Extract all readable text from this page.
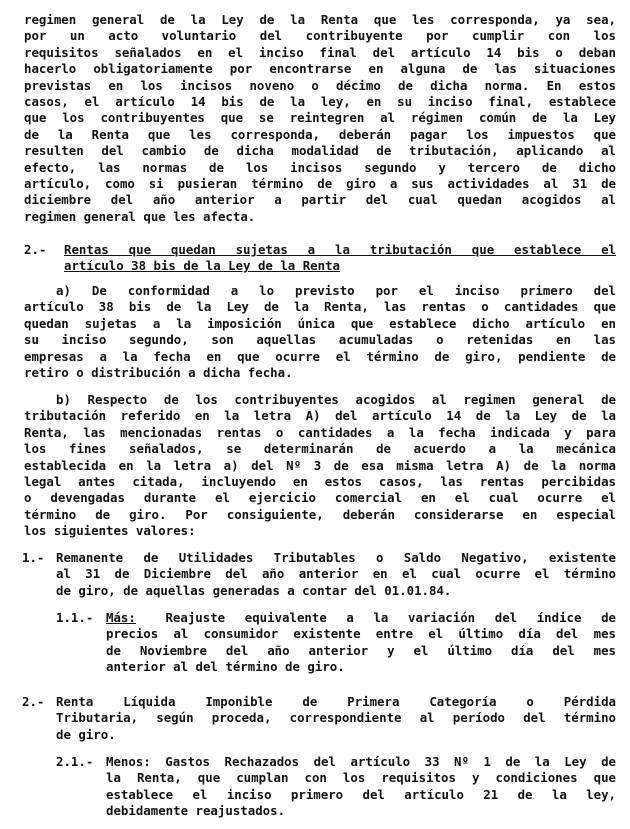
regimen general de la Ley de la Renta que les corresponda, ya sea,
por un acto voluntario del contribuyente por cumplir con los
requisitos señalados en el inciso final del artículo 14 bis o deban
hacerlo obligatoriamente por encontrarse en alguna de las situaciones
previstas en los incisos noveno o décimo de dicha norma. En estos
casos, el artículo 14 bis de la ley, en su inciso final, establece
que los contribuyentes que se reintegren al régimen común de la Ley
de la Renta que les corresponda, deberán pagar los impuestos que
resulten del cambio de dicha modalidad de tributación, aplicando al
efecto, las normas de los incisos segundo y tercero de dicho
artículo, como si pusieran término de giro a sus actividades al 31 de
diciembre del año anterior a partir del cual quedan acogidos al
regimen general que les afecta.
2.-	Rentas que quedan sujetas a la tributación que establece el
artículo 38 bis de la Ley de la Renta
a) De conformidad a lo previsto por el inciso primero del
artículo 38 bis de la Ley de la Renta, las rentas o cantidades que
quedan sujetas a la imposición única que establece dicho artículo en
su inciso segundo, son aquellas acumuladas o retenidas en las
empresas a la fecha en que ocurre el término de giro, pendiente de
retiro o distribución a dicha fecha.
b) Respecto de los contribuyentes acogidos al regimen general de
tributación referido en la letra A) del artículo 14 de la Ley de la
Renta, las mencionadas rentas o cantidades a la fecha indicada y para
los fines señalados, se determinarán de acuerdo a la mecánica
establecida en la letra a) del Nº 3 de esa misma letra A) de la norma
legal antes citada, incluyendo en estos casos, las rentas percibidas
o devengadas durante el ejercicio comercial en el cual ocurre el
término de giro. Por consiguiente, deberán considerarse en especial
los siguientes valores:
1.- Remanente de Utilidades Tributables o Saldo Negativo, existente
al 31 de Diciembre del año anterior en el cual ocurre el término
de giro, de aquellas generadas a contar del 01.01.84.
1.1.-	Más: Reajuste equivalente a la variación del índice de
precios al consumidor existente entre el último día del mes
de Noviembre del año anterior y el último día del mes
anterior al del término de giro.
2.- Renta Líquida Imponible de Primera Categoría o Pérdida
Tributaria, según proceda, correspondiente al período del término
de giro.
2.1.-	Menos: Gastos Rechazados del artículo 33 Nº 1 de la Ley de
la Renta, que cumplan con los requisitos y condiciones que
establece el inciso primero del artículo 21 de la ley,
debidamente reajustados.
